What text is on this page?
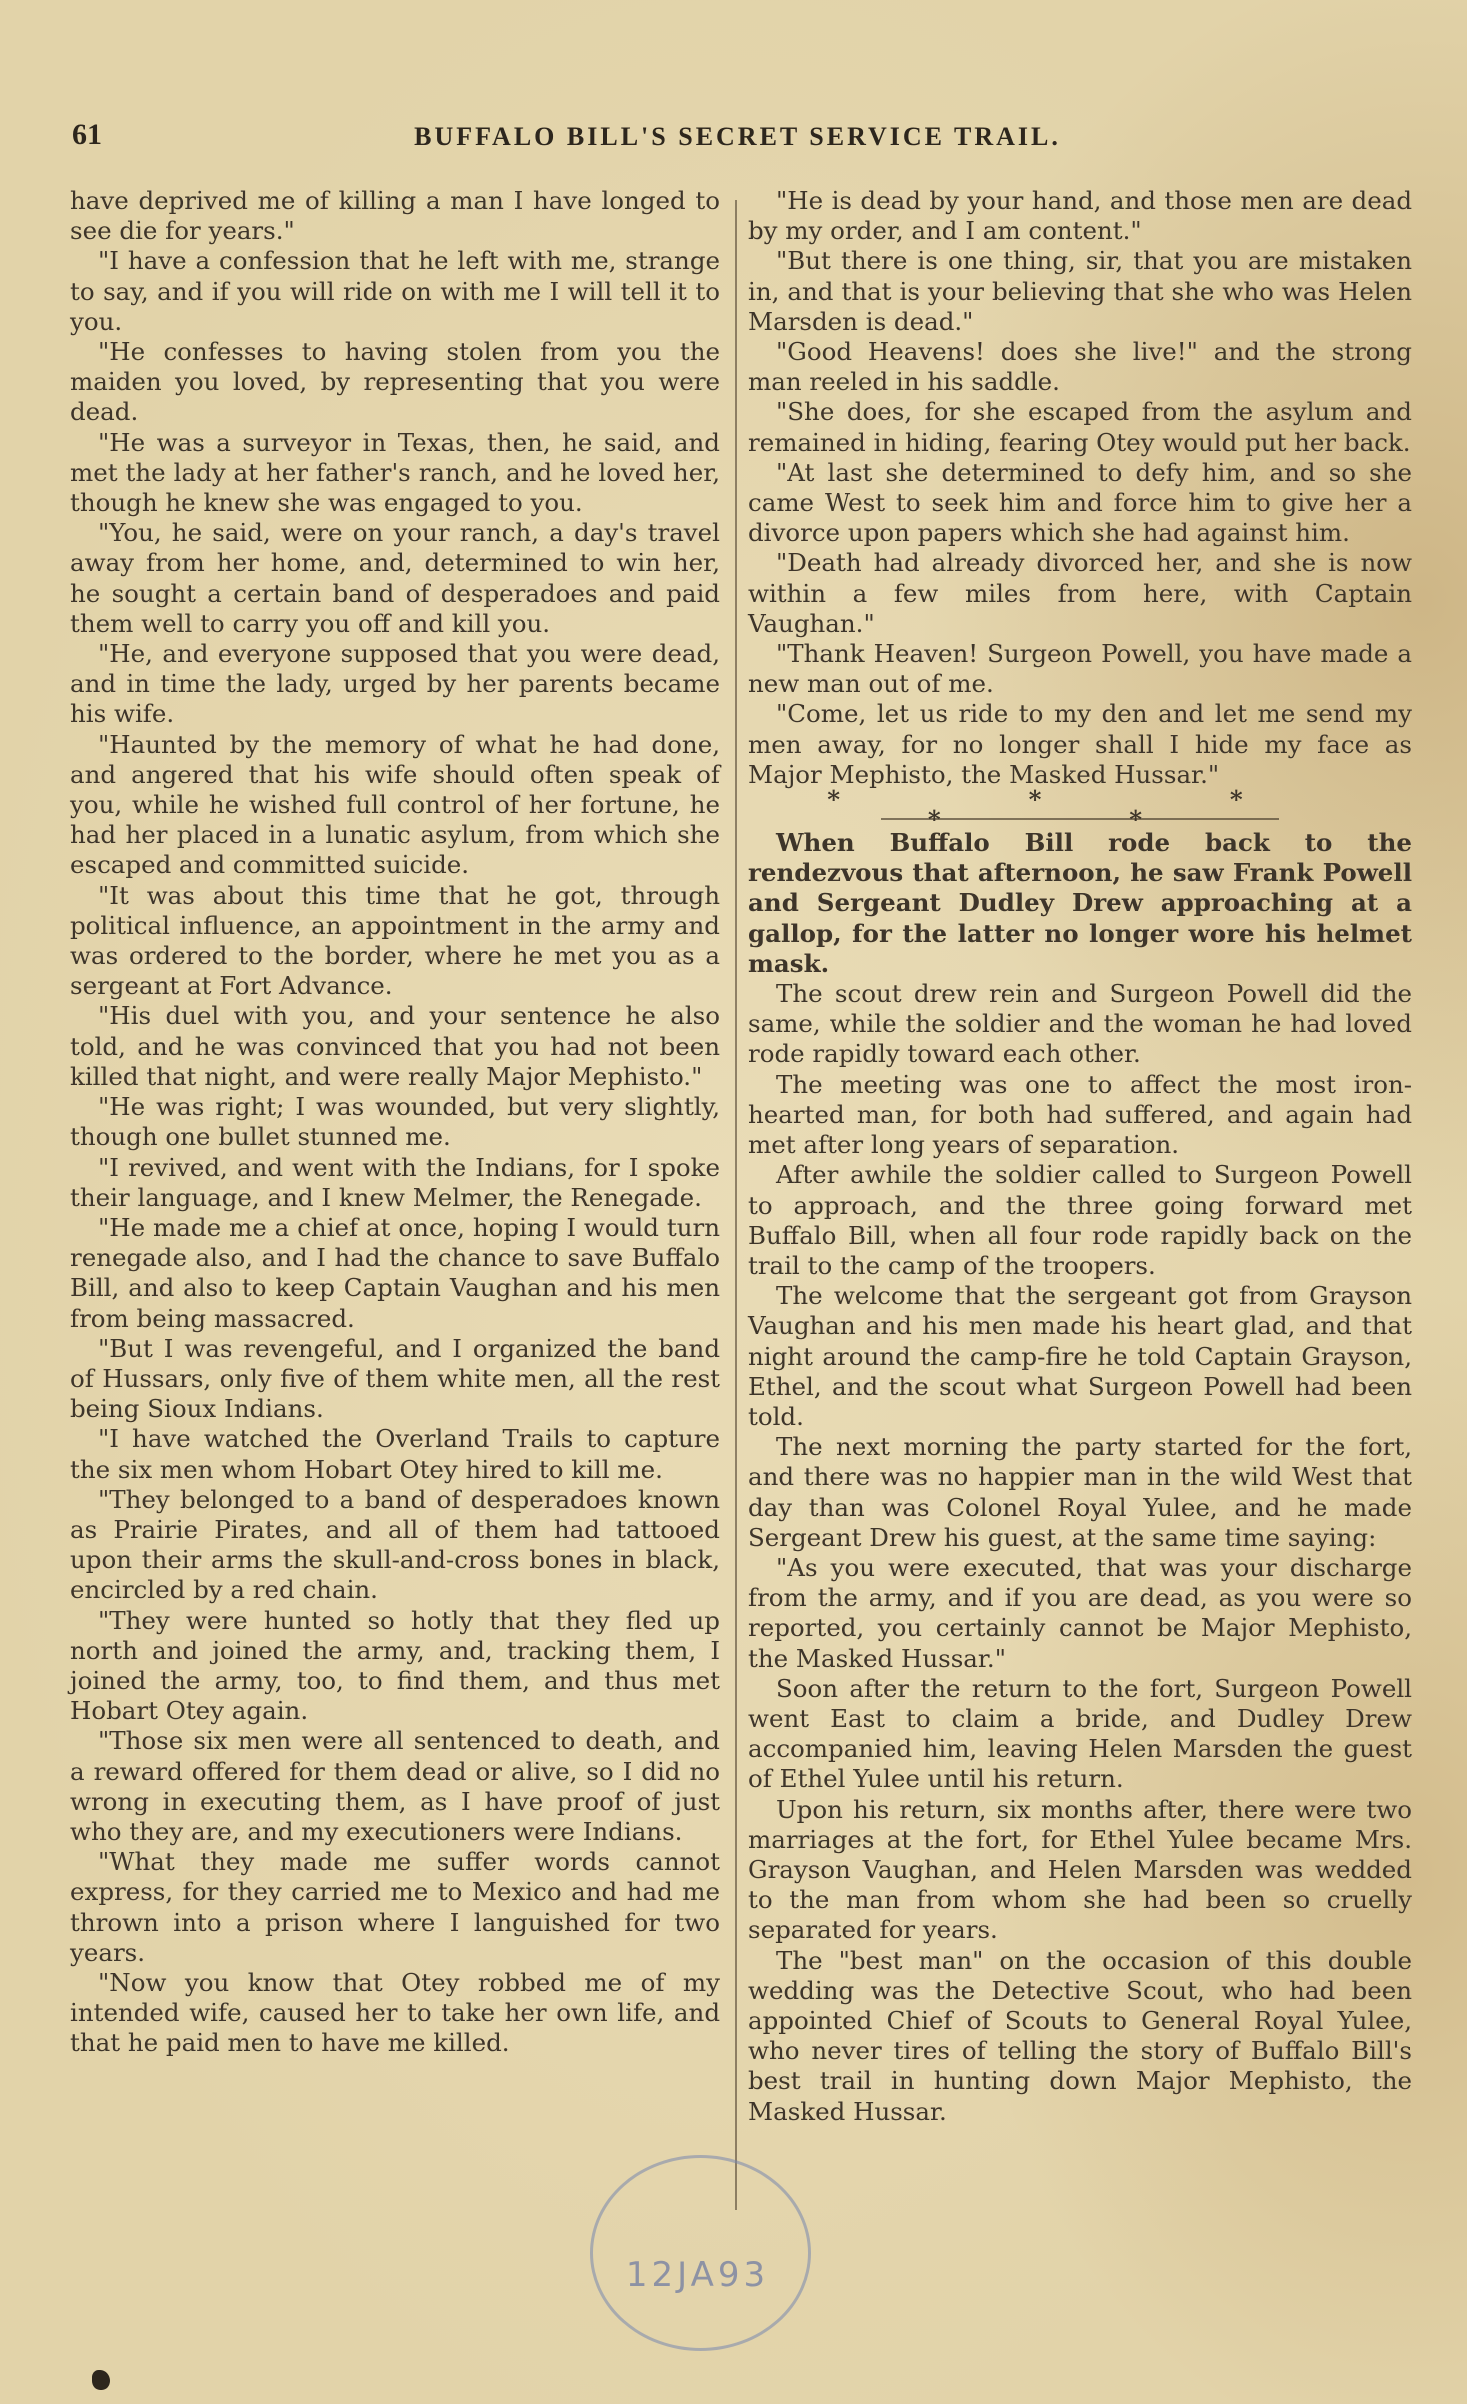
61	BUFFALO BILL'S SECRET SERVICE TRAIL.

have deprived me of killing a man I have longed to see die for years."

"I have a confession that he left with me, strange to say, and if you will ride on with me I will tell it to you.

"He confesses to having stolen from you the maiden you loved, by representing that you were dead.

"He was a surveyor in Texas, then, he said, and met the lady at her father's ranch, and he loved her, though he knew she was engaged to you.

"You, he said, were on your ranch, a day's travel away from her home, and, determined to win her, he sought a certain band of desperadoes and paid them well to carry you off and kill you.

"He, and everyone supposed that you were dead, and in time the lady, urged by her parents became his wife.

"Haunted by the memory of what he had done, and angered that his wife should often speak of you, while he wished full control of her fortune, he had her placed in a lunatic asylum, from which she escaped and committed suicide.

"It was about this time that he got, through political influence, an appointment in the army and was ordered to the border, where he met you as a sergeant at Fort Advance.

"His duel with you, and your sentence he also told, and he was convinced that you had not been killed that night, and were really Major Mephisto."

"He was right; I was wounded, but very slightly, though one bullet stunned me.

"I revived, and went with the Indians, for I spoke their language, and I knew Melmer, the Renegade.

"He made me a chief at once, hoping I would turn renegade also, and I had the chance to save Buffalo Bill, and also to keep Captain Vaughan and his men from being massacred.

"But I was revengeful, and I organized the band of Hussars, only five of them white men, all the rest being Sioux Indians.

"I have watched the Overland Trails to capture the six men whom Hobart Otey hired to kill me.

"They belonged to a band of desperadoes known as Prairie Pirates, and all of them had tattooed upon their arms the skull-and-cross bones in black, encircled by a red chain.

"They were hunted so hotly that they fled up north and joined the army, and, tracking them, I joined the army, too, to find them, and thus met Hobart Otey again.

"Those six men were all sentenced to death, and a reward offered for them dead or alive, so I did no wrong in executing them, as I have proof of just who they are, and my executioners were Indians.

"What they made me suffer words cannot express, for they carried me to Mexico and had me thrown into a prison where I languished for two years.

"Now you know that Otey robbed me of my intended wife, caused her to take her own life, and that he paid men to have me killed.

"He is dead by your hand, and those men are dead by my order, and I am content."

"But there is one thing, sir, that you are mistaken in, and that is your believing that she who was Helen Marsden is dead."

"Good Heavens! does she live!" and the strong man reeled in his saddle.

"She does, for she escaped from the asylum and remained in hiding, fearing Otey would put her back.

"At last she determined to defy him, and so she came West to seek him and force him to give her a divorce upon papers which she had against him.

"Death had already divorced her, and she is now within a few miles from here, with Captain Vaughan."

"Thank Heaven! Surgeon Powell, you have made a new man out of me.

"Come, let us ride to my den and let me send my men away, for no longer shall I hide my face as Major Mephisto, the Masked Hussar."

* * * * *

When Buffalo Bill rode back to the rendezvous that afternoon, he saw Frank Powell and Sergeant Dudley Drew approaching at a gallop, for the latter no longer wore his helmet mask.

The scout drew rein and Surgeon Powell did the same, while the soldier and the woman he had loved rode rapidly toward each other.

The meeting was one to affect the most iron-hearted man, for both had suffered, and again had met after long years of separation.

After awhile the soldier called to Surgeon Powell to approach, and the three going forward met Buffalo Bill, when all four rode rapidly back on the trail to the camp of the troopers.

The welcome that the sergeant got from Grayson Vaughan and his men made his heart glad, and that night around the camp-fire he told Captain Grayson, Ethel, and the scout what Surgeon Powell had been told.

The next morning the party started for the fort, and there was no happier man in the wild West that day than was Colonel Royal Yulee, and he made Sergeant Drew his guest, at the same time saying:

"As you were executed, that was your discharge from the army, and if you are dead, as you were so reported, you certainly cannot be Major Mephisto, the Masked Hussar."

Soon after the return to the fort, Surgeon Powell went East to claim a bride, and Dudley Drew accompanied him, leaving Helen Marsden the guest of Ethel Yulee until his return.

Upon his return, six months after, there were two marriages at the fort, for Ethel Yulee became Mrs. Grayson Vaughan, and Helen Marsden was wedded to the man from whom she had been so cruelly separated for years.

The "best man" on the occasion of this double wedding was the Detective Scout, who had been appointed Chief of Scouts to General Royal Yulee, who never tires of telling the story of Buffalo Bill's best trail in hunting down Major Mephisto, the Masked Hussar.

12JA93
